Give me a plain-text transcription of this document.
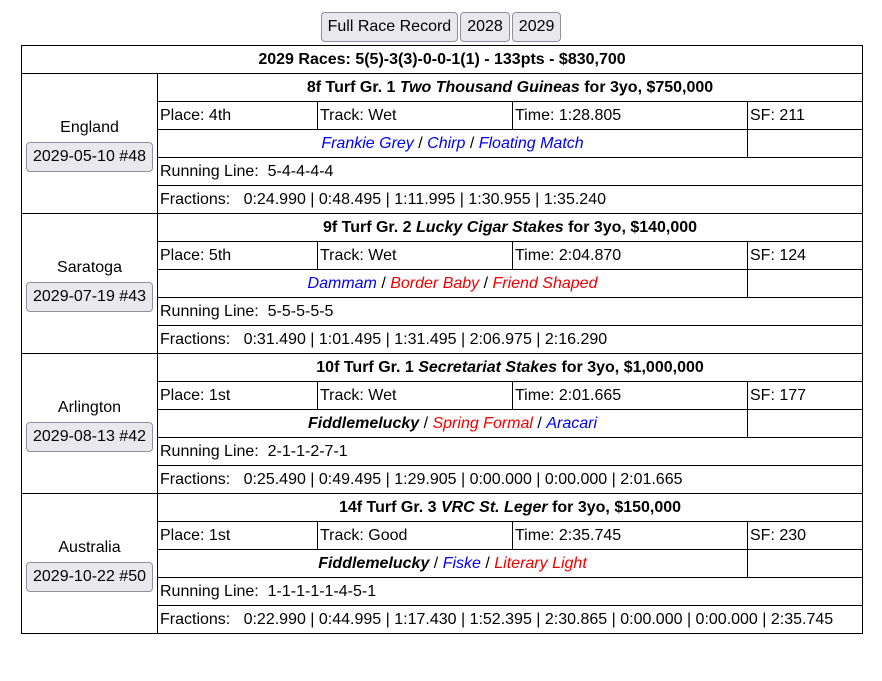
Full Race Record 2028 2029
2029 Races: 5(5)-3(3)-0-0-1(1) - 133pts - $830,700				

England
2029-05-10 #48	8f Turf Gr. 1 Two Thousand Guineas for 3yo, $750,000			
	Place: 4th	Track: Wet	Time: 1:28.805	SF: 211
	Frankie Grey / Chirp / Floating Match			
	Running Line:  5-4-4-4-4			
	Fractions:   0:24.990 | 0:48.495 | 1:11.995 | 1:30.955 | 1:35.240			

Saratoga
2029-07-19 #43	9f Turf Gr. 2 Lucky Cigar Stakes for 3yo, $140,000			
	Place: 5th	Track: Wet	Time: 2:04.870	SF: 124
	Dammam / Border Baby / Friend Shaped			
	Running Line:  5-5-5-5-5			
	Fractions:   0:31.490 | 1:01.495 | 1:31.495 | 2:06.975 | 2:16.290			

Arlington
2029-08-13 #42	10f Turf Gr. 1 Secretariat Stakes for 3yo, $1,000,000			
	Place: 1st	Track: Wet	Time: 2:01.665	SF: 177
	Fiddlemelucky / Spring Formal / Aracari			
	Running Line:  2-1-1-2-7-1			
	Fractions:   0:25.490 | 0:49.495 | 1:29.905 | 0:00.000 | 0:00.000 | 2:01.665			

Australia
2029-10-22 #50	14f Turf Gr. 3 VRC St. Leger for 3yo, $150,000			
	Place: 1st	Track: Good	Time: 2:35.745	SF: 230
	Fiddlemelucky / Fiske / Literary Light			
	Running Line:  1-1-1-1-1-4-5-1			
	Fractions:   0:22.990 | 0:44.995 | 1:17.430 | 1:52.395 | 2:30.865 | 0:00.000 | 0:00.000 | 2:35.745			
